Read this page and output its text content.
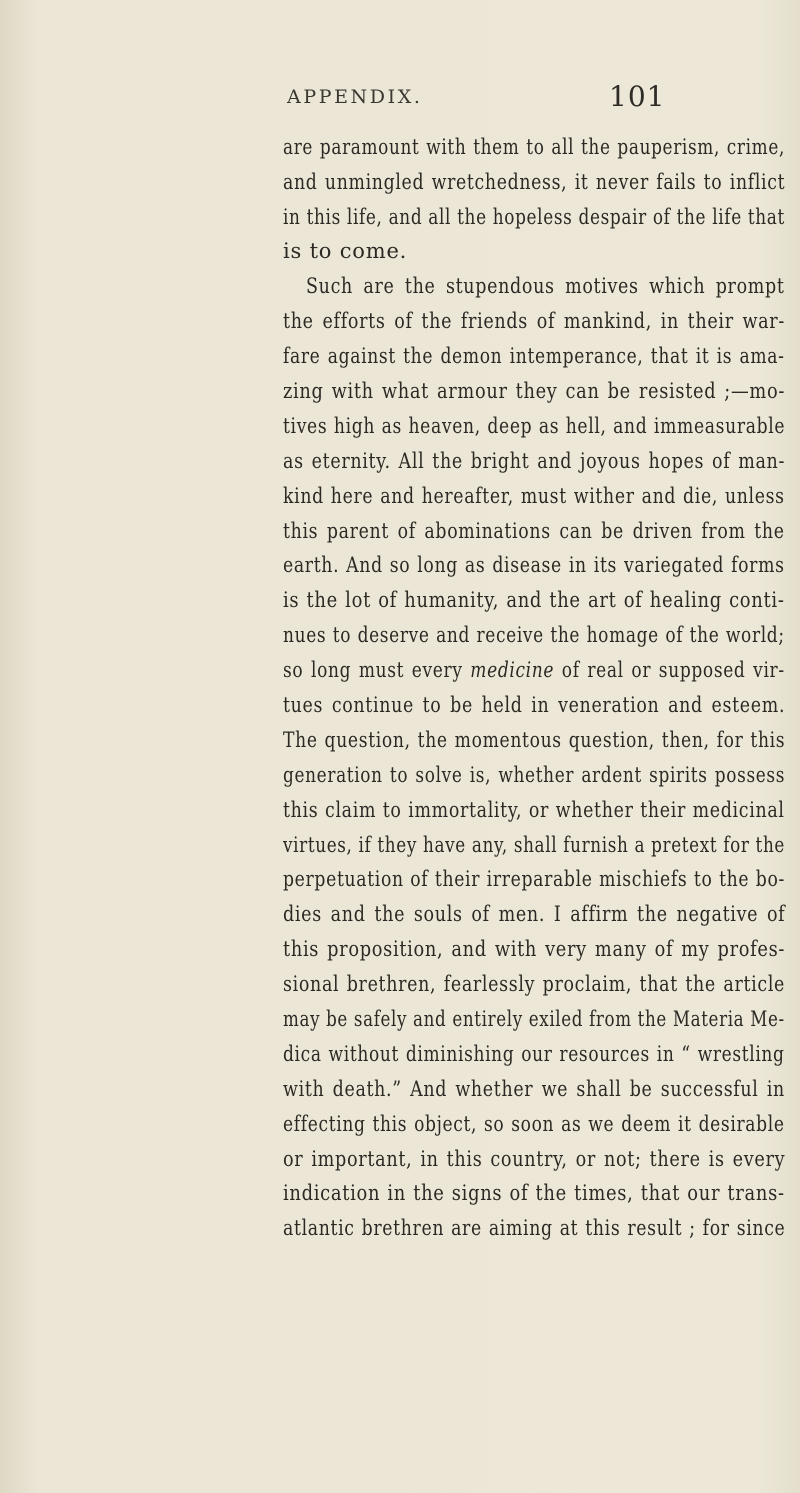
APPENDIX.	101
are paramount with them to all the pauperism, crime,
and unmingled wretchedness, it never fails to inflict
in this life, and all the hopeless despair of the life that
is to come.
Such are the stupendous motives which prompt
the efforts of the friends of mankind, in their war-
fare against the demon intemperance, that it is ama-
zing with what armour they can be resisted ;—mo-
tives high as heaven, deep as hell, and immeasurable
as eternity. All the bright and joyous hopes of man-
kind here and hereafter, must wither and die, unless
this parent of abominations can be driven from the
earth. And so long as disease in its variegated forms
is the lot of humanity, and the art of healing conti-
nues to deserve and receive the homage of the world;
so long must every medicine of real or supposed vir-
tues continue to be held in veneration and esteem.
The question, the momentous question, then, for this
generation to solve is, whether ardent spirits possess
this claim to immortality, or whether their medicinal
virtues, if they have any, shall furnish a pretext for the
perpetuation of their irreparable mischiefs to the bo-
dies and the souls of men. I affirm the negative of
this proposition, and with very many of my profes-
sional brethren, fearlessly proclaim, that the article
may be safely and entirely exiled from the Materia Me-
dica without diminishing our resources in “ wrestling
with death.” And whether we shall be successful in
effecting this object, so soon as we deem it desirable
or important, in this country, or not; there is every
indication in the signs of the times, that our trans-
atlantic brethren are aiming at this result ; for since
